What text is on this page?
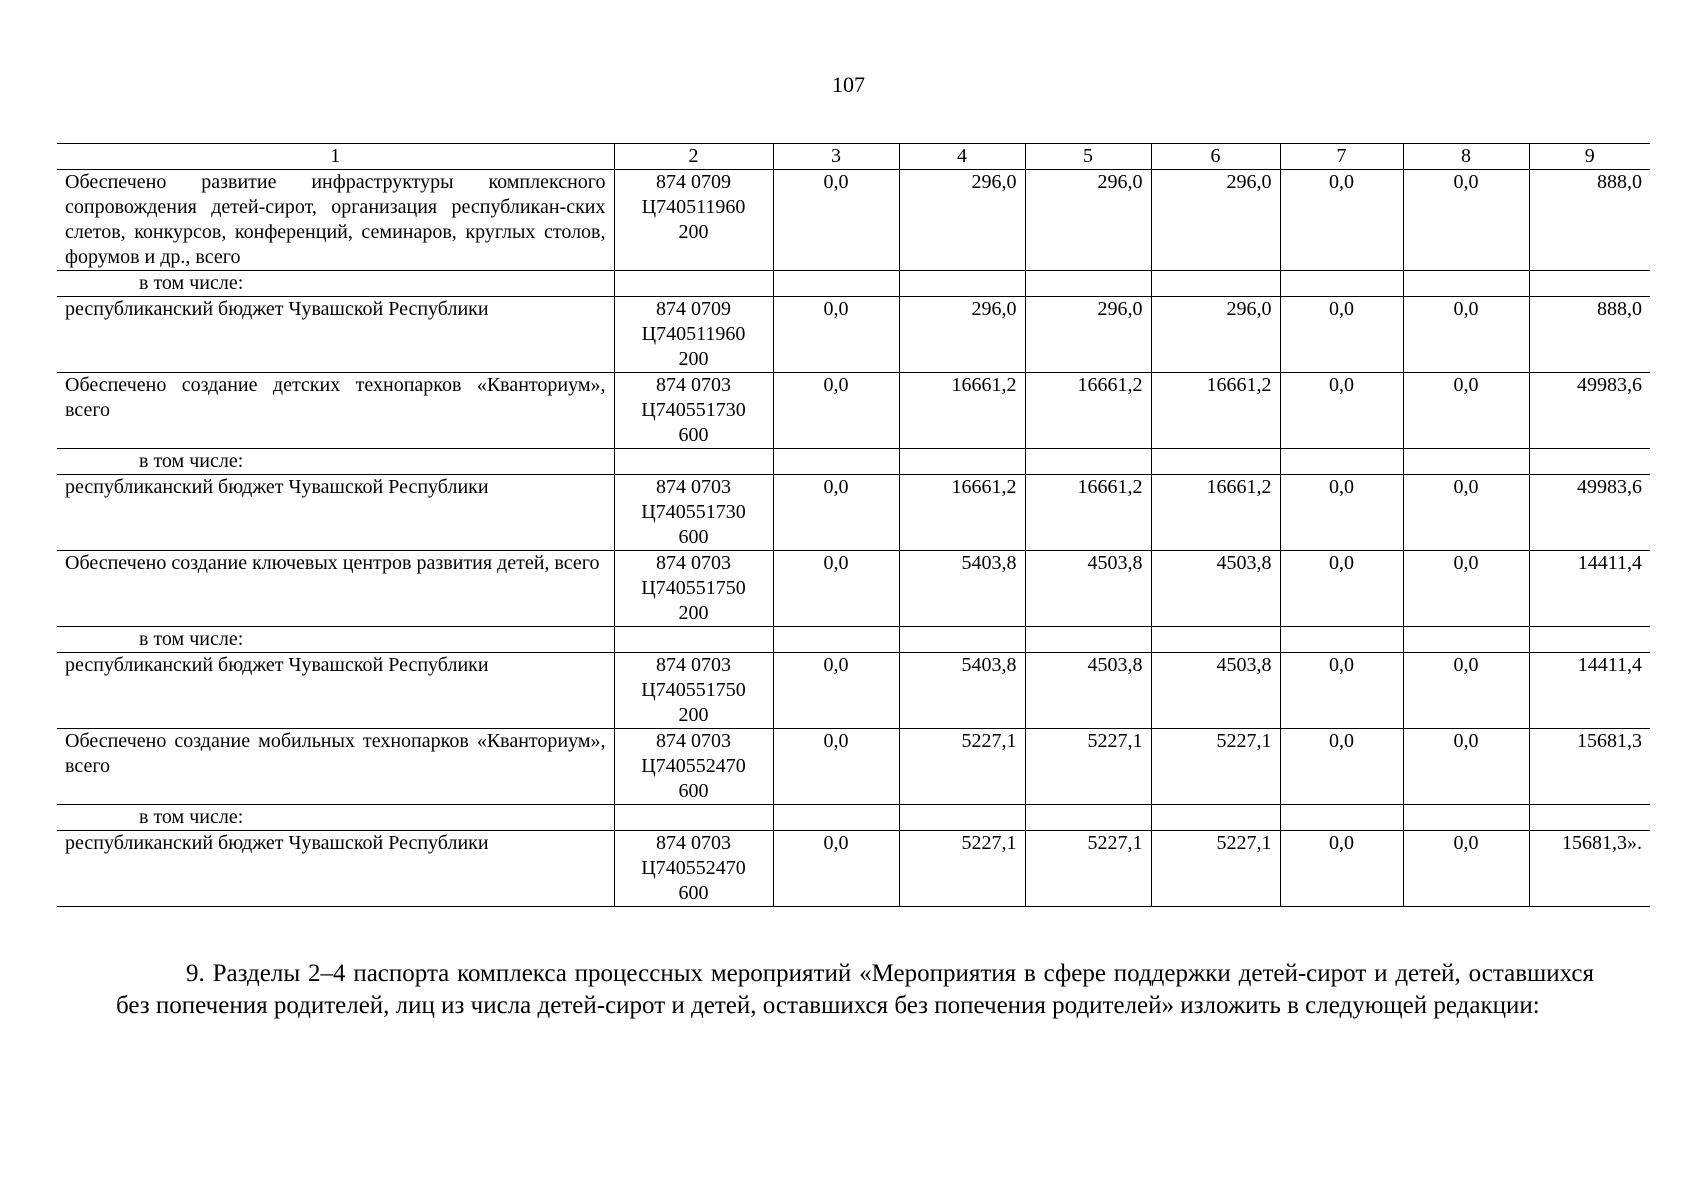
107
1	2	3	4	5	6	7	8	9
Обеспечено развитие инфраструктуры комплексного сопровождения детей-сирот, организация республикан-ских слетов, конкурсов, конференций, семинаров, круглых столов, форумов и др., всего	874 0709
Ц740511960
200	0,0	296,0	296,0	296,0	0,0	0,0	888,0
в том числе:								
республиканский бюджет Чувашской Республики	874 0709
Ц740511960
200	0,0	296,0	296,0	296,0	0,0	0,0	888,0
Обеспечено создание детских технопарков «Кванториум», всего	874 0703
Ц740551730
600	0,0	16661,2	16661,2	16661,2	0,0	0,0	49983,6
в том числе:								
республиканский бюджет Чувашской Республики	874 0703
Ц740551730
600	0,0	16661,2	16661,2	16661,2	0,0	0,0	49983,6
Обеспечено создание ключевых центров развития детей, всего	874 0703
Ц740551750
200	0,0	5403,8	4503,8	4503,8	0,0	0,0	14411,4
в том числе:								
республиканский бюджет Чувашской Республики	874 0703
Ц740551750
200	0,0	5403,8	4503,8	4503,8	0,0	0,0	14411,4
Обеспечено создание мобильных технопарков «Кванториум», всего	874 0703
Ц740552470
600	0,0	5227,1	5227,1	5227,1	0,0	0,0	15681,3
в том числе:								
республиканский бюджет Чувашской Республики	874 0703
Ц740552470
600	0,0	5227,1	5227,1	5227,1	0,0	0,0	15681,3».
9. Разделы 2–4 паспорта комплекса процессных мероприятий «Мероприятия в сфере поддержки детей-сирот и детей, оставшихся без попечения родителей, лиц из числа детей-сирот и детей, оставшихся без попечения родителей» изложить в следующей редакции:
